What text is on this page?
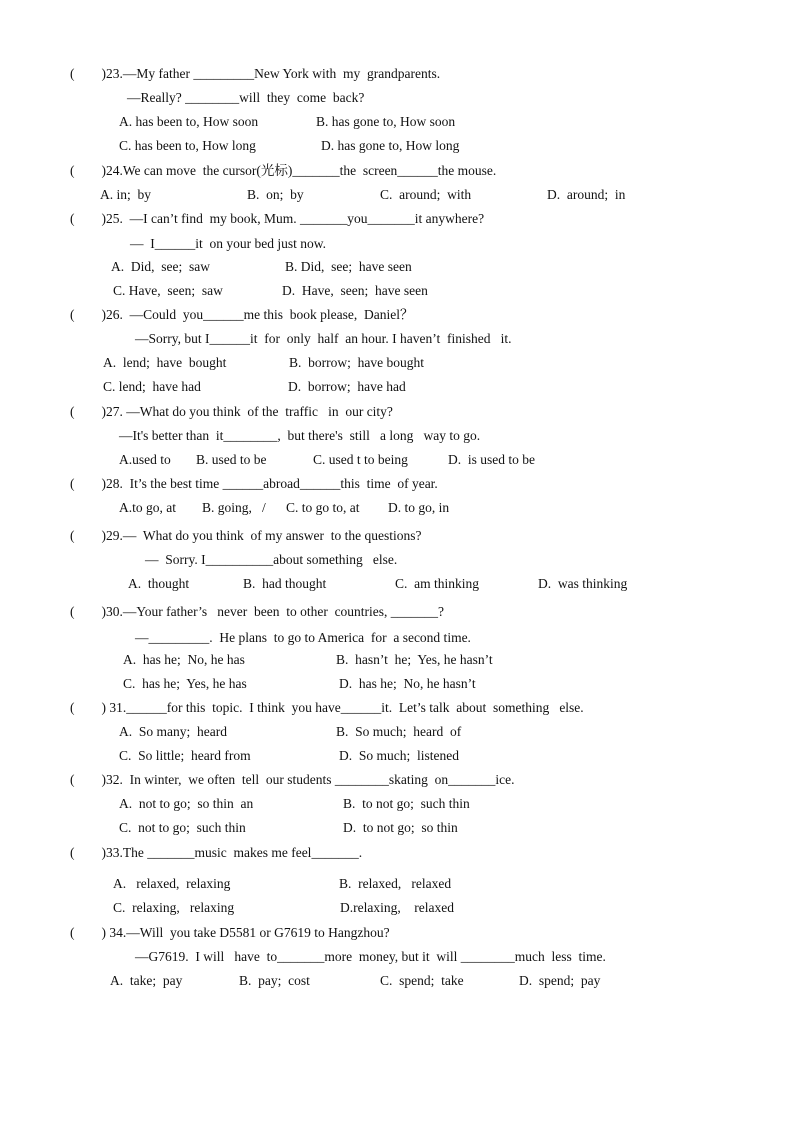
(        )23.—My father _________New York with  my  grandparents.
—Really? ________will  they  come  back?
A. has been to, How soon	B. has gone to, How soon
C. has been to, How long	D. has gone to, How long
(        )24.We can move  the cursor(光标)_______the  screen______the mouse.
A. in;  by	B.  on;  by	C.  around;  with	D.  around;  in
(        )25.  —I can’t find  my book, Mum. _______you_______it anywhere?
—  I______it  on your bed just now.
A.  Did,  see;  saw	B. Did,  see;  have seen
C. Have,  seen;  saw	D.  Have,  seen;  have seen
(        )26.  —Could  you______me this  book please,  Daniel？
—Sorry, but I______it  for  only  half  an hour. I haven’t  finished   it.
A.  lend;  have  bought	B.  borrow;  have bought
C. lend;  have had	D.  borrow;  have had
(        )27. —What do you think  of the  traffic   in  our city?
—It's better than  it________,  but there's  still   a long   way to go.
A.used to B. used to be	C. used t to being	D.  is used to be
(        )28.  It’s the best time ______abroad______this  time  of year.
A.to go, at B. going,   / C. to go to, at D. to go, in
(        )29.—  What do you think  of my answer  to the questions?
—  Sorry. I__________about something   else.
A.  thought	B.  had thought	C.  am thinking	D.  was thinking
(        )30.—Your father’s   never  been  to other  countries, _______?
—_________.  He plans  to go to America  for  a second time.
A.  has he;  No, he has	B.  hasn’t  he;  Yes, he hasn’t
C.  has he;  Yes, he has	D.  has he;  No, he hasn’t
(        ) 31.______for this  topic.  I think  you have______it.  Let’s talk  about  something   else.
A.  So many;  heard	B.  So much;  heard  of
C.  So little;  heard from	D.  So much;  listened
(        )32.  In winter,  we often  tell  our students ________skating  on_______ice.
A.  not to go;  so thin  an	B.  to not go;  such thin
C.  not to go;  such thin	D.  to not go;  so thin
(        )33.The _______music  makes me feel_______.
A.   relaxed,  relaxing	B.  relaxed,   relaxed
C.  relaxing,   relaxing	D.relaxing,    relaxed
(        ) 34.—Will  you take D5581 or G7619 to Hangzhou?
—G7619.  I will   have  to_______more  money, but it  will ________much  less  time.
A.  take;  pay	B.  pay;  cost	C.  spend;  take	D.  spend;  pay
